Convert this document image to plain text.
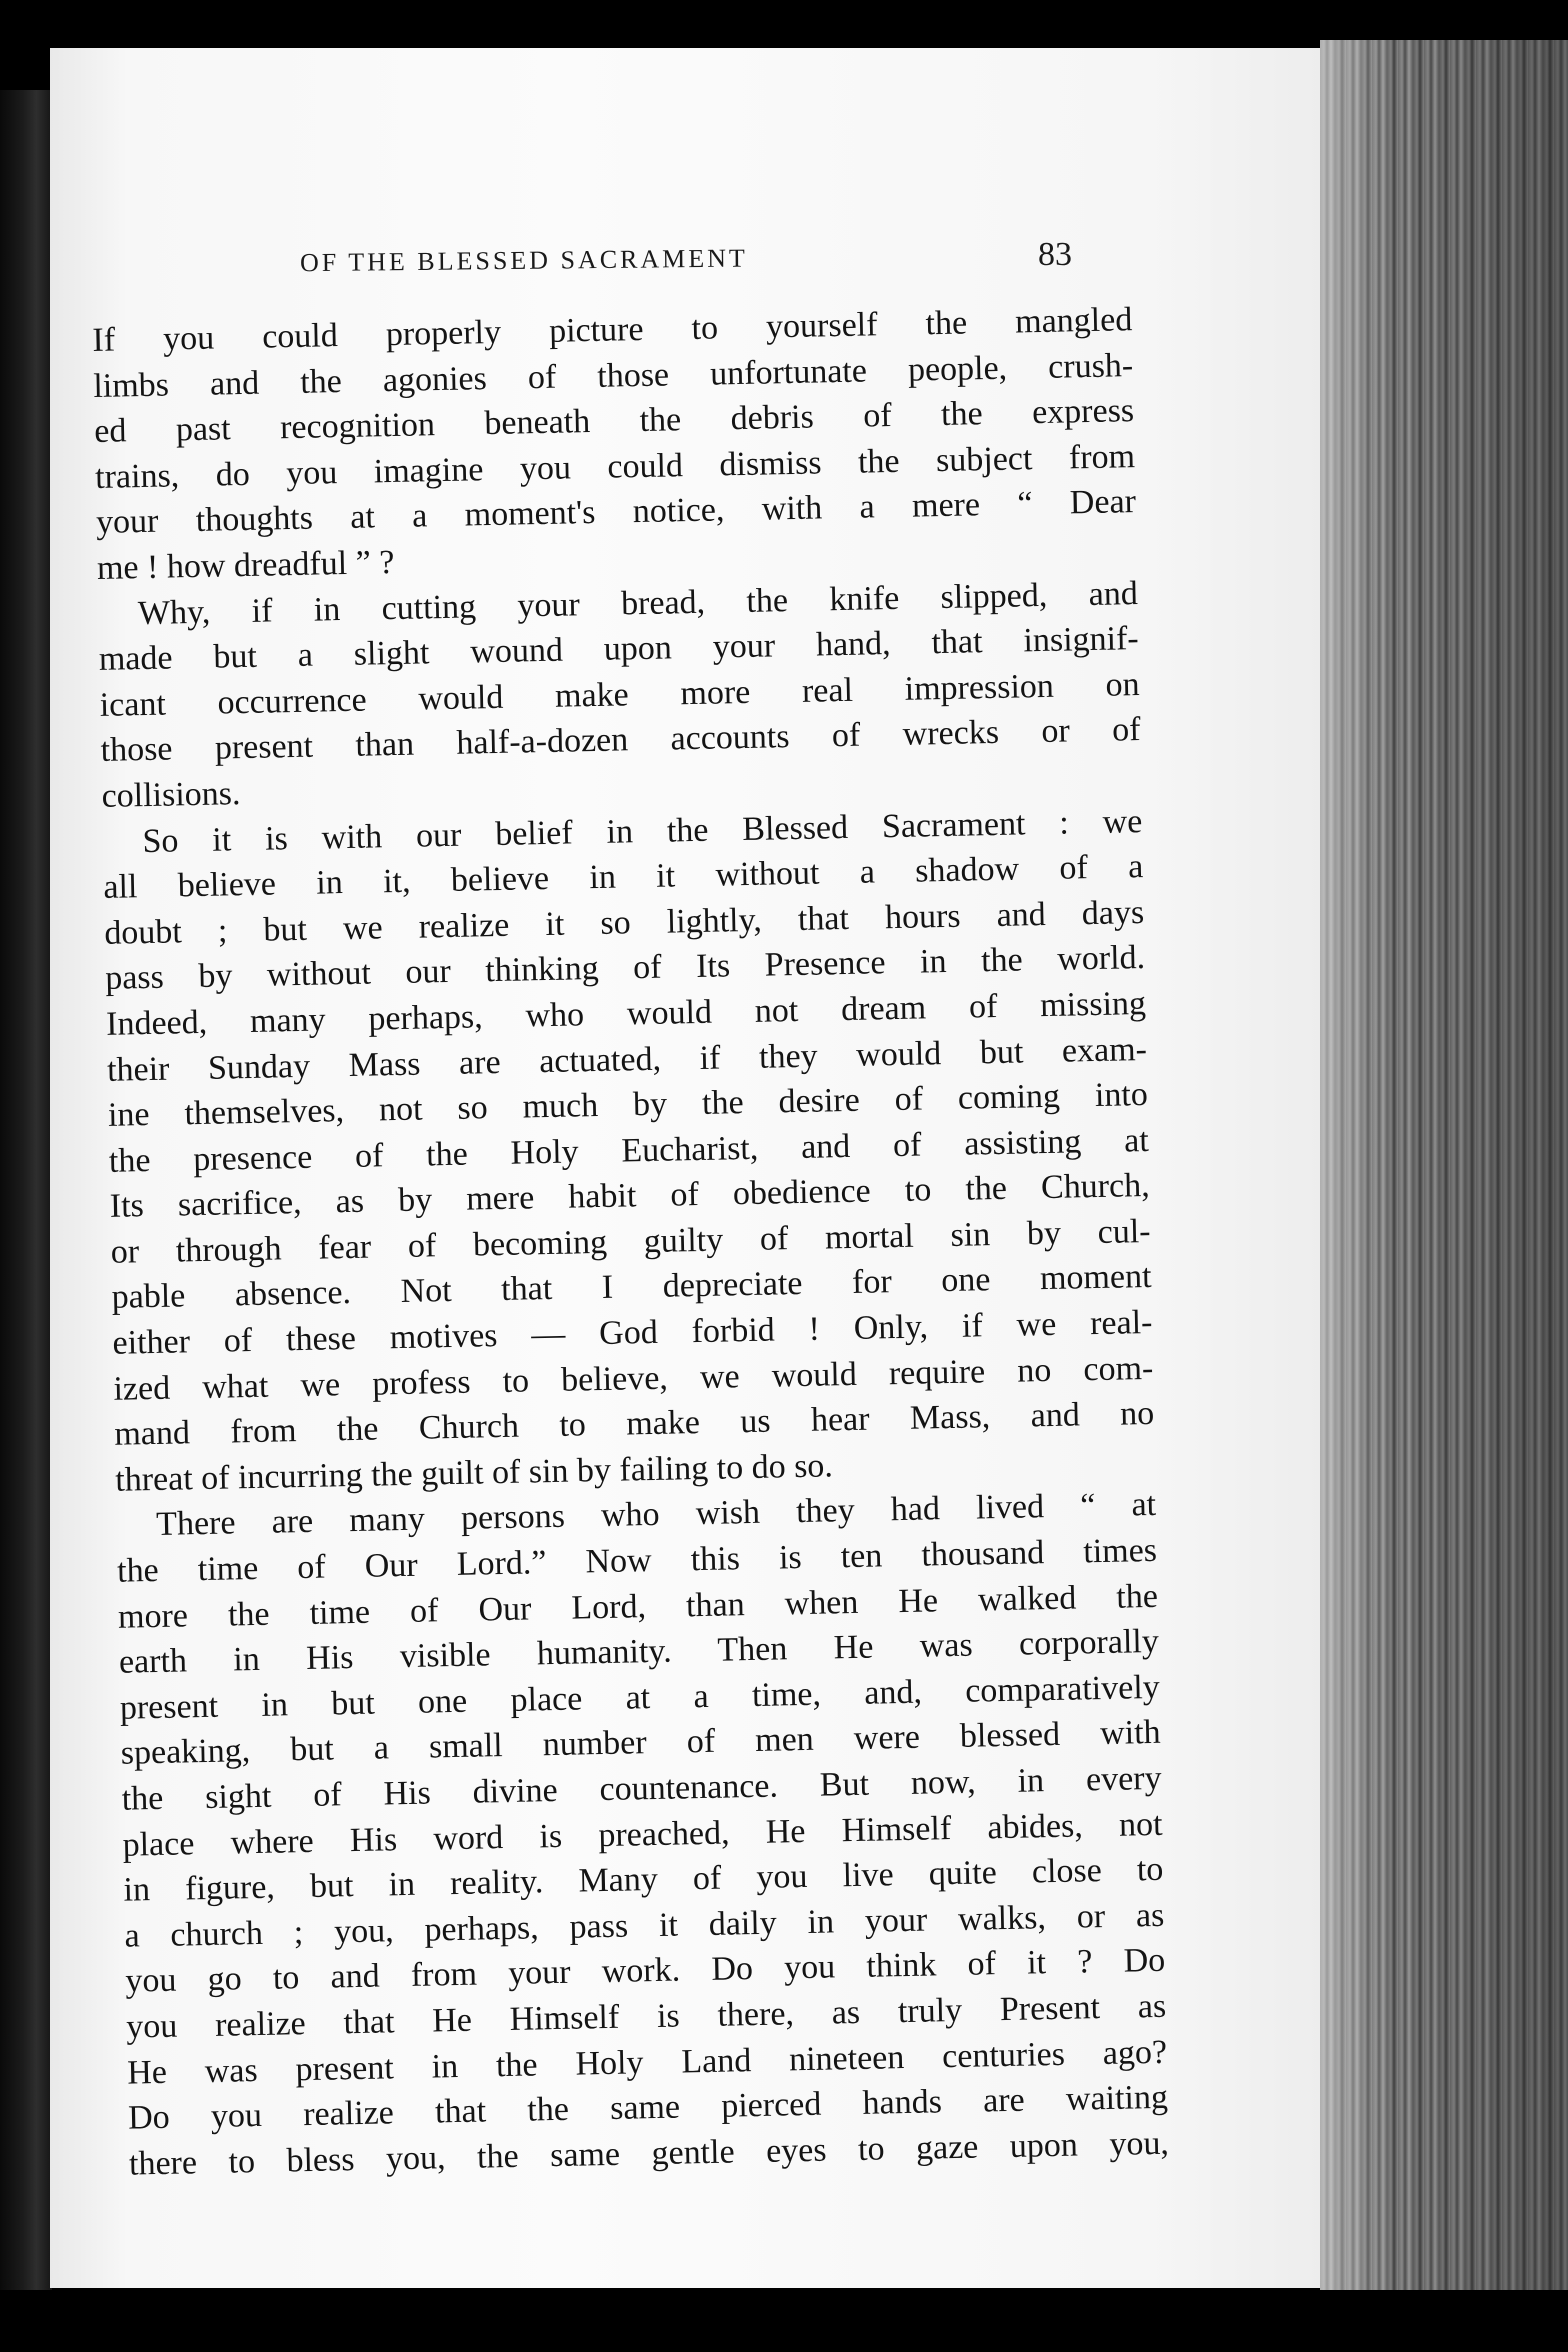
OF THE BLESSED SACRAMENT	83
If you could properly picture to yourself the mangled
limbs and the agonies of those unfortunate people, crush-
ed past recognition beneath the debris of the express
trains, do you imagine you could dismiss the subject from
your thoughts at a moment's notice, with a mere “ Dear
me ! how dreadful ” ?
Why, if in cutting your bread, the knife slipped, and
made but a slight wound upon your hand, that insignif-
icant occurrence would make more real impression on
those present than half-a-dozen accounts of wrecks or of
collisions.
So it is with our belief in the Blessed Sacrament : we
all believe in it, believe in it without a shadow of a
doubt ; but we realize it so lightly, that hours and days
pass by without our thinking of Its Presence in the world.
Indeed, many perhaps, who would not dream of missing
their Sunday Mass are actuated, if they would but exam-
ine themselves, not so much by the desire of coming into
the presence of the Holy Eucharist, and of assisting at
Its sacrifice, as by mere habit of obedience to the Church,
or through fear of becoming guilty of mortal sin by cul-
pable absence. Not that I depreciate for one moment
either of these motives — God forbid ! Only, if we real-
ized what we profess to believe, we would require no com-
mand from the Church to make us hear Mass, and no
threat of incurring the guilt of sin by failing to do so.
There are many persons who wish they had lived “ at
the time of Our Lord.” Now this is ten thousand times
more the time of Our Lord, than when He walked the
earth in His visible humanity. Then He was corporally
present in but one place at a time, and, comparatively
speaking, but a small number of men were blessed with
the sight of His divine countenance. But now, in every
place where His word is preached, He Himself abides, not
in figure, but in reality. Many of you live quite close to
a church ; you, perhaps, pass it daily in your walks, or as
you go to and from your work. Do you think of it ? Do
you realize that He Himself is there, as truly Present as
He was present in the Holy Land nineteen centuries ago?
Do you realize that the same pierced hands are waiting
there to bless you, the same gentle eyes to gaze upon you,
